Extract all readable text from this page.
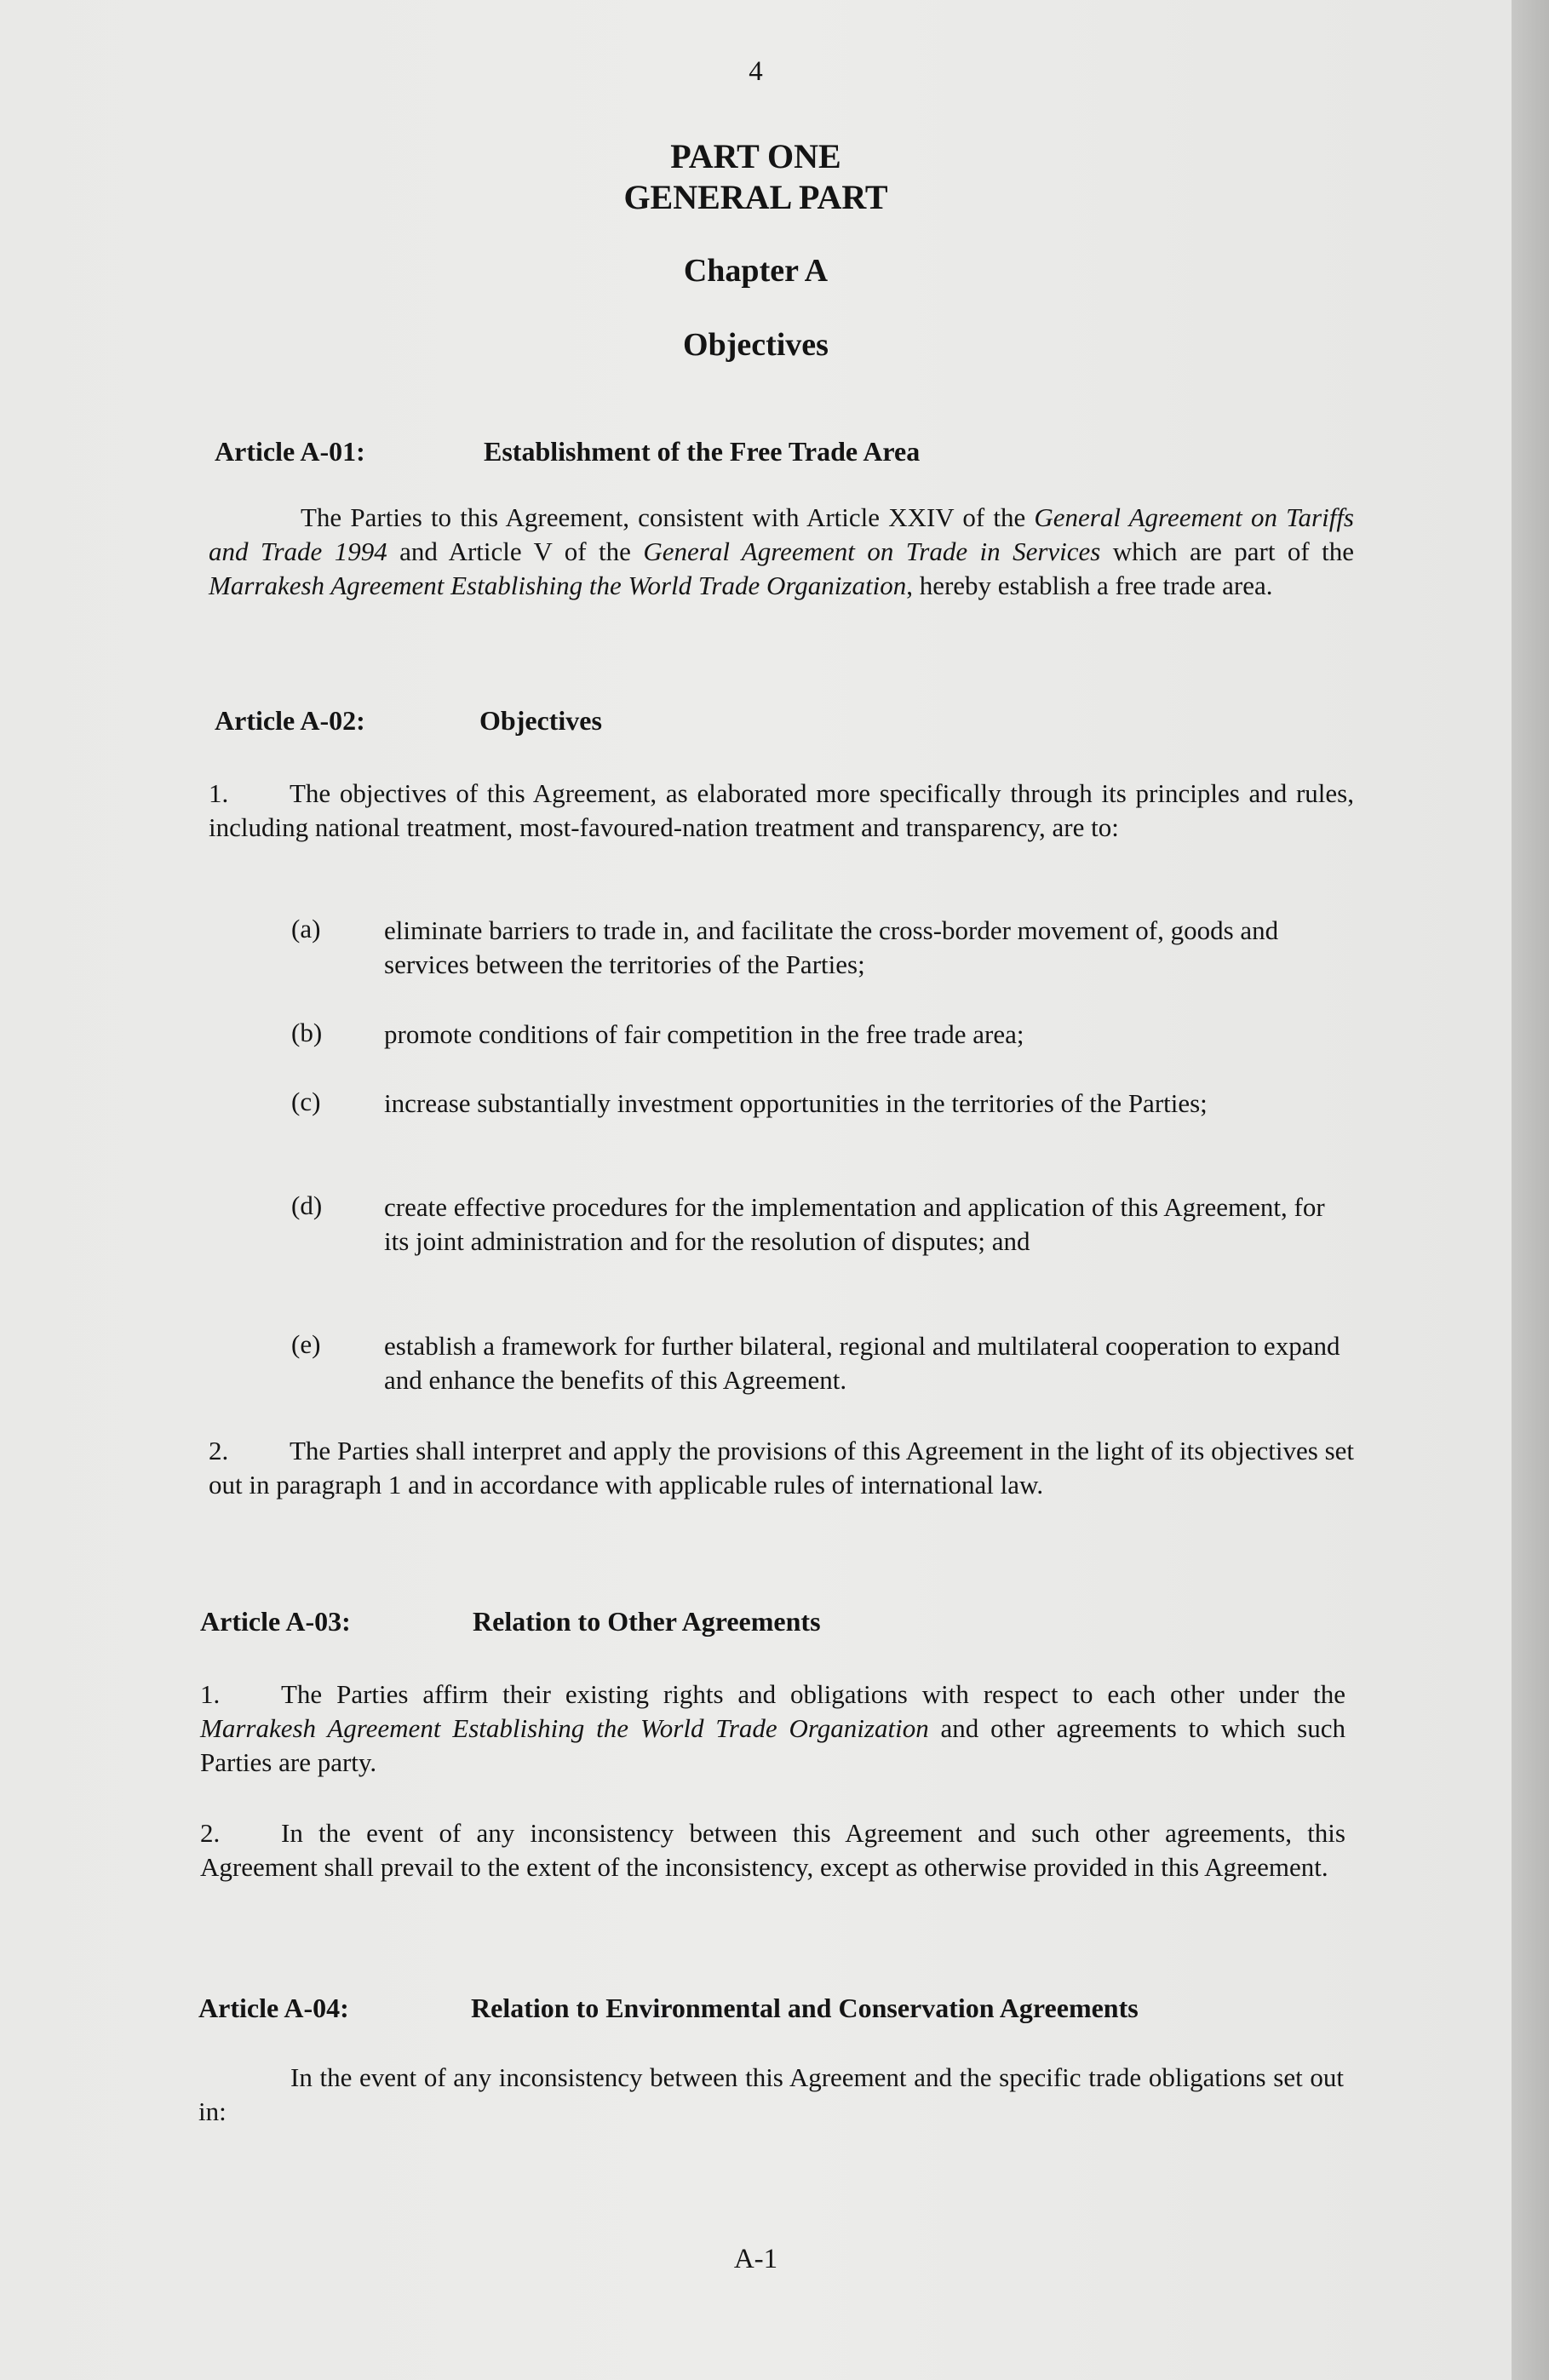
4
PART ONE
GENERAL PART
Chapter A
Objectives
Article A-01:	Establishment of the Free Trade Area
The Parties to this Agreement, consistent with Article XXIV of the General Agreement on Tariffs and Trade 1994 and Article V of the General Agreement on Trade in Services which are part of the Marrakesh Agreement Establishing the World Trade Organization, hereby establish a free trade area.
Article A-02:	Objectives
1. The objectives of this Agreement, as elaborated more specifically through its principles and rules, including national treatment, most-favoured-nation treatment and transparency, are to:
(a) eliminate barriers to trade in, and facilitate the cross-border movement of, goods and services between the territories of the Parties;
(b) promote conditions of fair competition in the free trade area;
(c) increase substantially investment opportunities in the territories of the Parties;
(d) create effective procedures for the implementation and application of this Agreement, for its joint administration and for the resolution of disputes; and
(e) establish a framework for further bilateral, regional and multilateral cooperation to expand and enhance the benefits of this Agreement.
2. The Parties shall interpret and apply the provisions of this Agreement in the light of its objectives set out in paragraph 1 and in accordance with applicable rules of international law.
Article A-03:	Relation to Other Agreements
1. The Parties affirm their existing rights and obligations with respect to each other under the Marrakesh Agreement Establishing the World Trade Organization and other agreements to which such Parties are party.
2. In the event of any inconsistency between this Agreement and such other agreements, this Agreement shall prevail to the extent of the inconsistency, except as otherwise provided in this Agreement.
Article A-04:	Relation to Environmental and Conservation Agreements
In the event of any inconsistency between this Agreement and the specific trade obligations set out in:
A-1
